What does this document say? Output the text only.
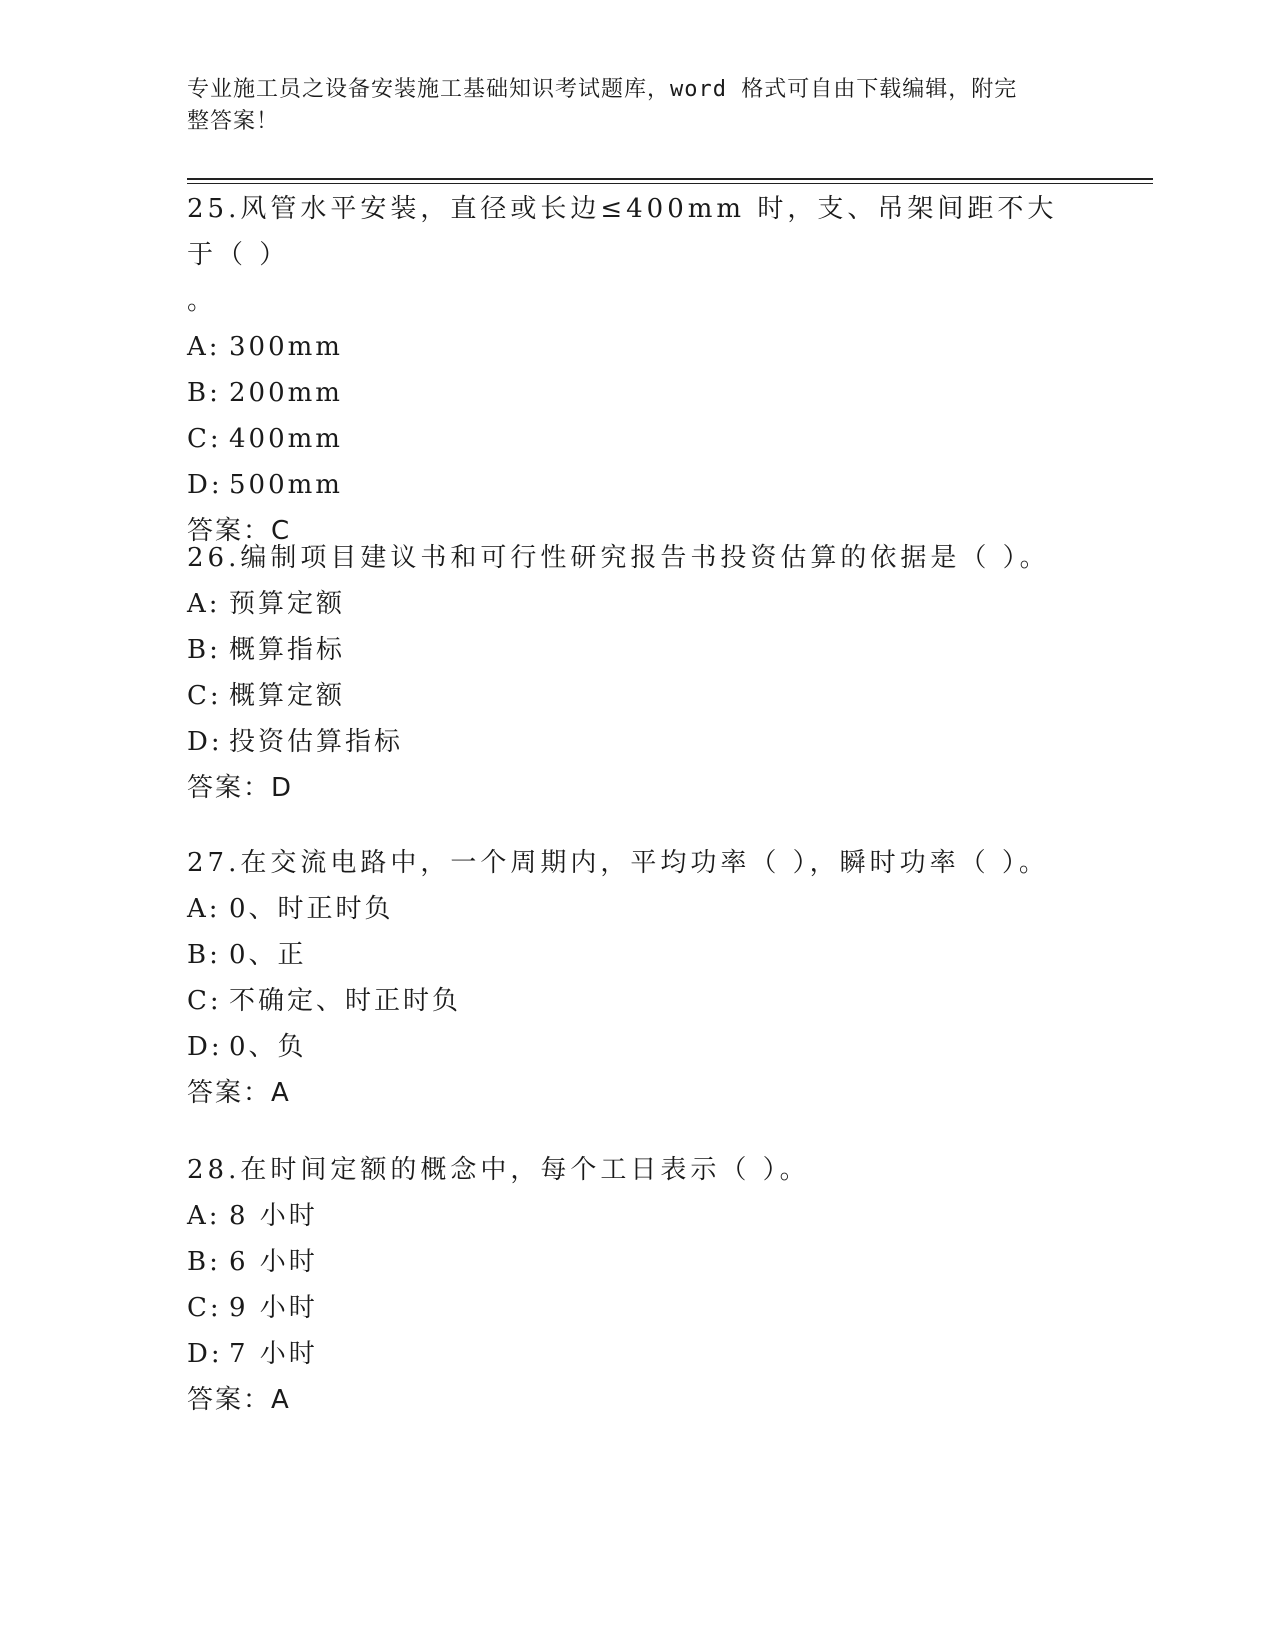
专业施工员之设备安装施工基础知识考试题库，word 格式可自由下载编辑，附完
整答案！
25.风管水平安装，直径或长边≤400mm 时，支、吊架间距不大于（ ）
。
A: 300mm
B: 200mm
C: 400mm
D: 500mm
答案：C
26.编制项目建议书和可行性研究报告书投资估算的依据是（ ）。
A: 预算定额
B: 概算指标
C: 概算定额
D: 投资估算指标
答案：D
27.在交流电路中，一个周期内，平均功率（ ），瞬时功率（ ）。
A: 0、时正时负
B: 0、正
C: 不确定、时正时负
D: 0、负
答案：A
28.在时间定额的概念中，每个工日表示（ ）。
A: 8 小时
B: 6 小时
C: 9 小时
D: 7 小时
答案：A
